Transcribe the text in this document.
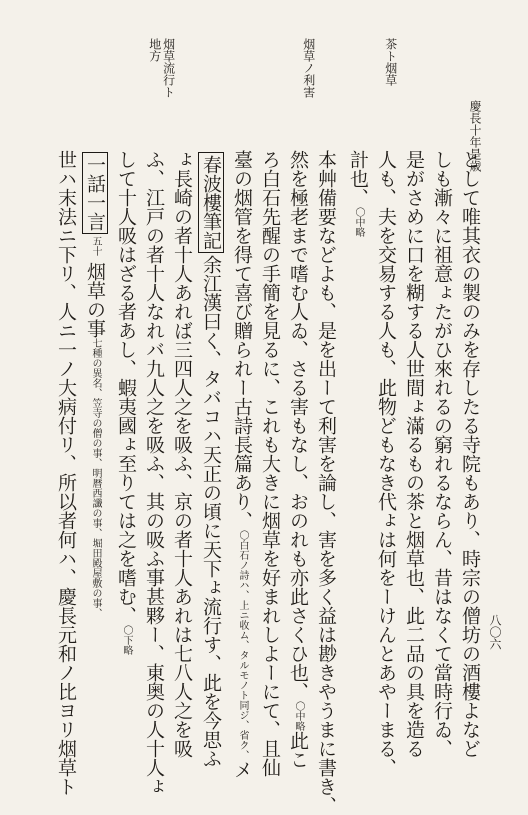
慶長十年是歳
八〇六
茶ト烟草
烟草ノ利害
烟草流行ト地方
として唯其衣の製のみを存したる寺院もあり、時宗の僧坊の酒樓よなど
しも漸々に祖意ょたがひ來れるの窮れるならん、昔はなくて當時行ゐ、
是がさめに口を糊する人世間ょ滿るもの茶と烟草也、此二品の具を造る
人も、夫を交易する人も、此物どもなき代ょは何をーけんとあやーまる、
計也、〇中略
本艸備要などよも、是を出ーて利害を論し、害を多く益は尠きやうまに書き、
然を極老まで嗜む人ゐ、さる害もなし、おのれも亦此さくひ也、〇中略此こ
ろ白石先醒の手簡を見るに、これも大きに烟草を好まれしよーにて、且仙
臺の烟管を得て喜び贈られー古詩長篇あり、〇白石ノ詩ハ、上ニ收ム、タルモノト同ジ、省ク、メ
春波樓筆記余江漢曰く、タバコハ天正の頃に天下ょ流行す、此を今思ふ
ょ長崎の者十人あれば三四人之を吸ふ、京の者十人あれは七八人之を吸
ふ、江戸の者十人なれバ九人之を吸ふ、其の吸ふ事甚夥ー、東奥の人十人ょ
して十人吸はざる者あし、蝦夷國ょ至りては之を嗜む、〇下略
一話一言五十烟草の事七種の異名、笠寺の僧の事、明暦西讖の事、堀田殿屋敷の事、
世ハ末法ニ下リ、人ニ一ノ大病付リ、所以者何ハ、慶長元和ノ比ヨリ烟草ト
